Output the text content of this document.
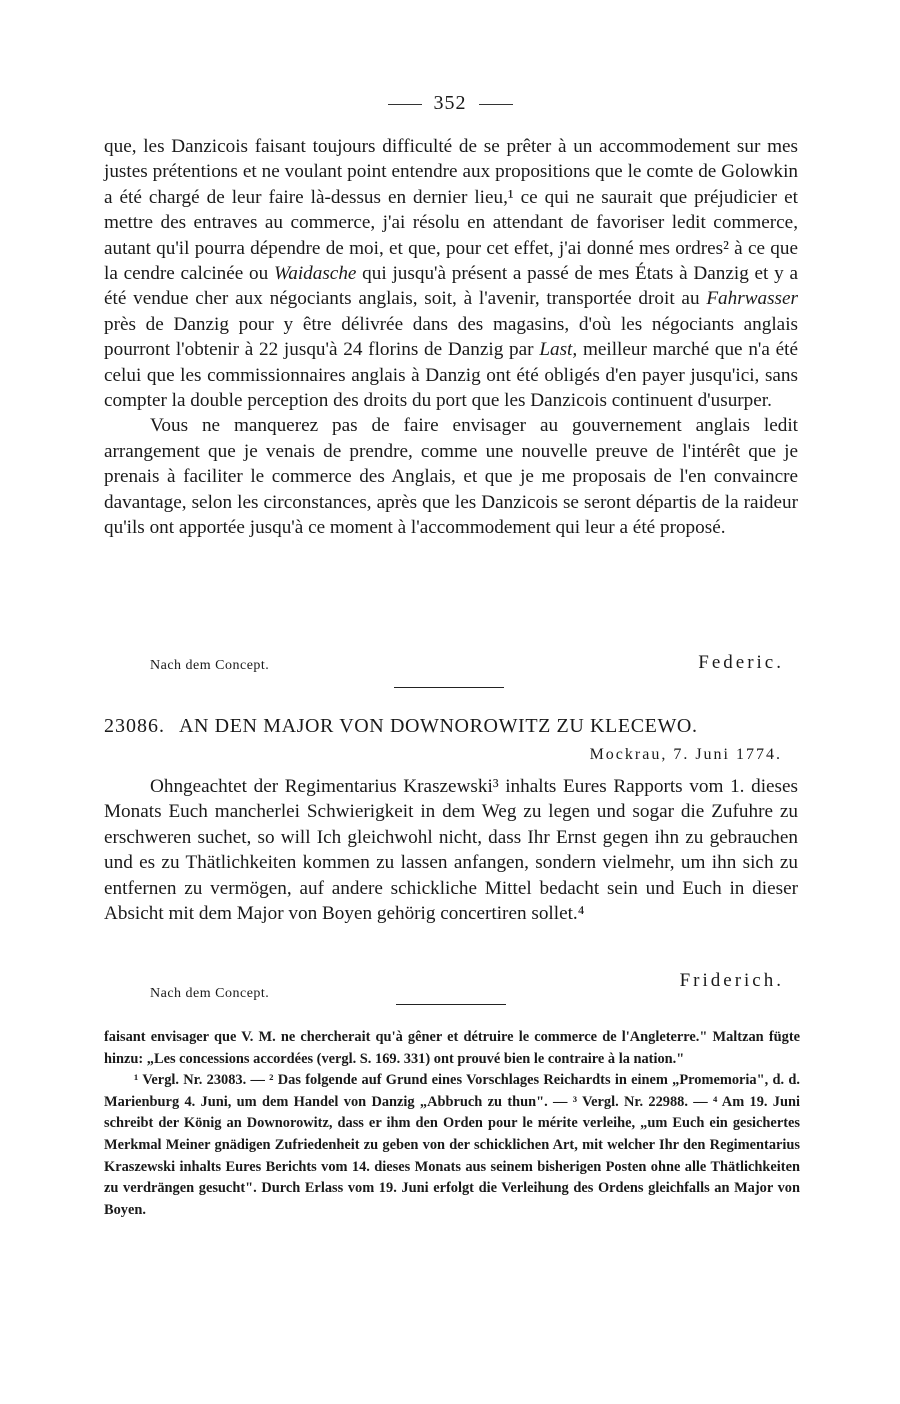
352

que, les Danzicois faisant toujours difficulté de se prêter à un accommodement sur mes justes prétentions et ne voulant point entendre aux propositions que le comte de Golowkin a été chargé de leur faire là-dessus en dernier lieu,¹ ce qui ne saurait que préjudicier et mettre des entraves au commerce, j'ai résolu en attendant de favoriser ledit commerce, autant qu'il pourra dépendre de moi, et que, pour cet effet, j'ai donné mes ordres² à ce que la cendre calcinée ou Waidasche qui jusqu'à présent a passé de mes États à Danzig et y a été vendue cher aux négociants anglais, soit, à l'avenir, transportée droit au Fahrwasser près de Danzig pour y être délivrée dans des magasins, d'où les négociants anglais pourront l'obtenir à 22 jusqu'à 24 florins de Danzig par Last, meilleur marché que n'a été celui que les commissionnaires anglais à Danzig ont été obligés d'en payer jusqu'ici, sans compter la double perception des droits du port que les Danzicois continuent d'usurper.

Vous ne manquerez pas de faire envisager au gouvernement anglais ledit arrangement que je venais de prendre, comme une nouvelle preuve de l'intérêt que je prenais à faciliter le commerce des Anglais, et que je me proposais de l'en convaincre davantage, selon les circonstances, après que les Danzicois se seront départis de la raideur qu'ils ont apportée jusqu'à ce moment à l'accommodement qui leur a été proposé.

Nach dem Concept.	Federic.
23086. AN DEN MAJOR VON DOWNOROWITZ ZU KLECEWO.
Mockrau, 7. Juni 1774.

Ohngeachtet der Regimentarius Kraszewski³ inhalts Eures Rapports vom 1. dieses Monats Euch mancherlei Schwierigkeit in dem Weg zu legen und sogar die Zufuhre zu erschweren suchet, so will Ich gleichwohl nicht, dass Ihr Ernst gegen ihn zu gebrauchen und es zu Thätlichkeiten kommen zu lassen anfangen, sondern vielmehr, um ihn sich zu entfernen zu vermögen, auf andere schickliche Mittel bedacht sein und Euch in dieser Absicht mit dem Major von Boyen gehörig concertiren sollet.⁴

Nach dem Concept.
Friderich.

faisant envisager que V. M. ne chercherait qu'à gêner et détruire le commerce de l'Angleterre." Maltzan fügte hinzu: „Les concessions accordées (vergl. S. 169. 331) ont prouvé bien le contraire à la nation."

¹ Vergl. Nr. 23083. — ² Das folgende auf Grund eines Vorschlages Reichardts in einem „Promemoria", d. d. Marienburg 4. Juni, um dem Handel von Danzig „Abbruch zu thun". — ³ Vergl. Nr. 22988. — ⁴ Am 19. Juni schreibt der König an Downorowitz, dass er ihm den Orden pour le mérite verleihe, „um Euch ein gesichertes Merkmal Meiner gnädigen Zufriedenheit zu geben von der schicklichen Art, mit welcher Ihr den Regimentarius Kraszewski inhalts Eures Berichts vom 14. dieses Monats aus seinem bisherigen Posten ohne alle Thätlichkeiten zu verdrängen gesucht". Durch Erlass vom 19. Juni erfolgt die Verleihung des Ordens gleichfalls an Major von Boyen.
